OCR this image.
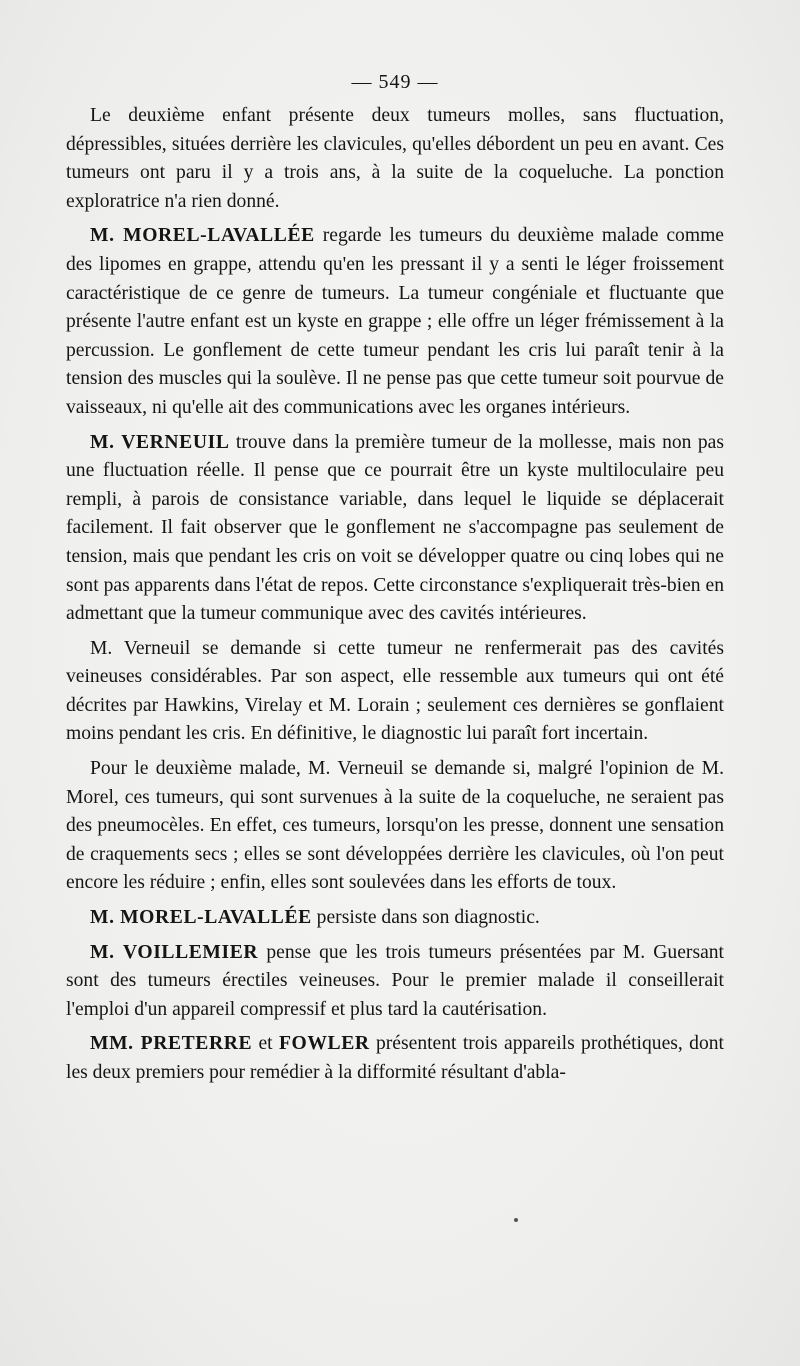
— 549 —

Le deuxième enfant présente deux tumeurs molles, sans fluctuation, dépressibles, situées derrière les clavicules, qu'elles débordent un peu en avant. Ces tumeurs ont paru il y a trois ans, à la suite de la coqueluche. La ponction exploratrice n'a rien donné.

M. MOREL-LAVALLÉE regarde les tumeurs du deuxième malade comme des lipomes en grappe, attendu qu'en les pressant il y a senti le léger froissement caractéristique de ce genre de tumeurs. La tumeur congéniale et fluctuante que présente l'autre enfant est un kyste en grappe ; elle offre un léger frémissement à la percussion. Le gonflement de cette tumeur pendant les cris lui paraît tenir à la tension des muscles qui la soulève. Il ne pense pas que cette tumeur soit pourvue de vaisseaux, ni qu'elle ait des communications avec les organes intérieurs.

M. VERNEUIL trouve dans la première tumeur de la mollesse, mais non pas une fluctuation réelle. Il pense que ce pourrait être un kyste multiloculaire peu rempli, à parois de consistance variable, dans lequel le liquide se déplacerait facilement. Il fait observer que le gonflement ne s'accompagne pas seulement de tension, mais que pendant les cris on voit se développer quatre ou cinq lobes qui ne sont pas apparents dans l'état de repos. Cette circonstance s'expliquerait très-bien en admettant que la tumeur communique avec des cavités intérieures.

M. Verneuil se demande si cette tumeur ne renfermerait pas des cavités veineuses considérables. Par son aspect, elle ressemble aux tumeurs qui ont été décrites par Hawkins, Virelay et M. Lorain ; seulement ces dernières se gonflaient moins pendant les cris. En définitive, le diagnostic lui paraît fort incertain.

Pour le deuxième malade, M. Verneuil se demande si, malgré l'opinion de M. Morel, ces tumeurs, qui sont survenues à la suite de la coqueluche, ne seraient pas des pneumocèles. En effet, ces tumeurs, lorsqu'on les presse, donnent une sensation de craquements secs ; elles se sont développées derrière les clavicules, où l'on peut encore les réduire ; enfin, elles sont soulevées dans les efforts de toux.

M. MOREL-LAVALLÉE persiste dans son diagnostic.

M. VOILLEMIER pense que les trois tumeurs présentées par M. Guersant sont des tumeurs érectiles veineuses. Pour le premier malade il conseillerait l'emploi d'un appareil compressif et plus tard la cautérisation.

MM. PRETERRE et FOWLER présentent trois appareils prothétiques, dont les deux premiers pour remédier à la difformité résultant d'abla-
